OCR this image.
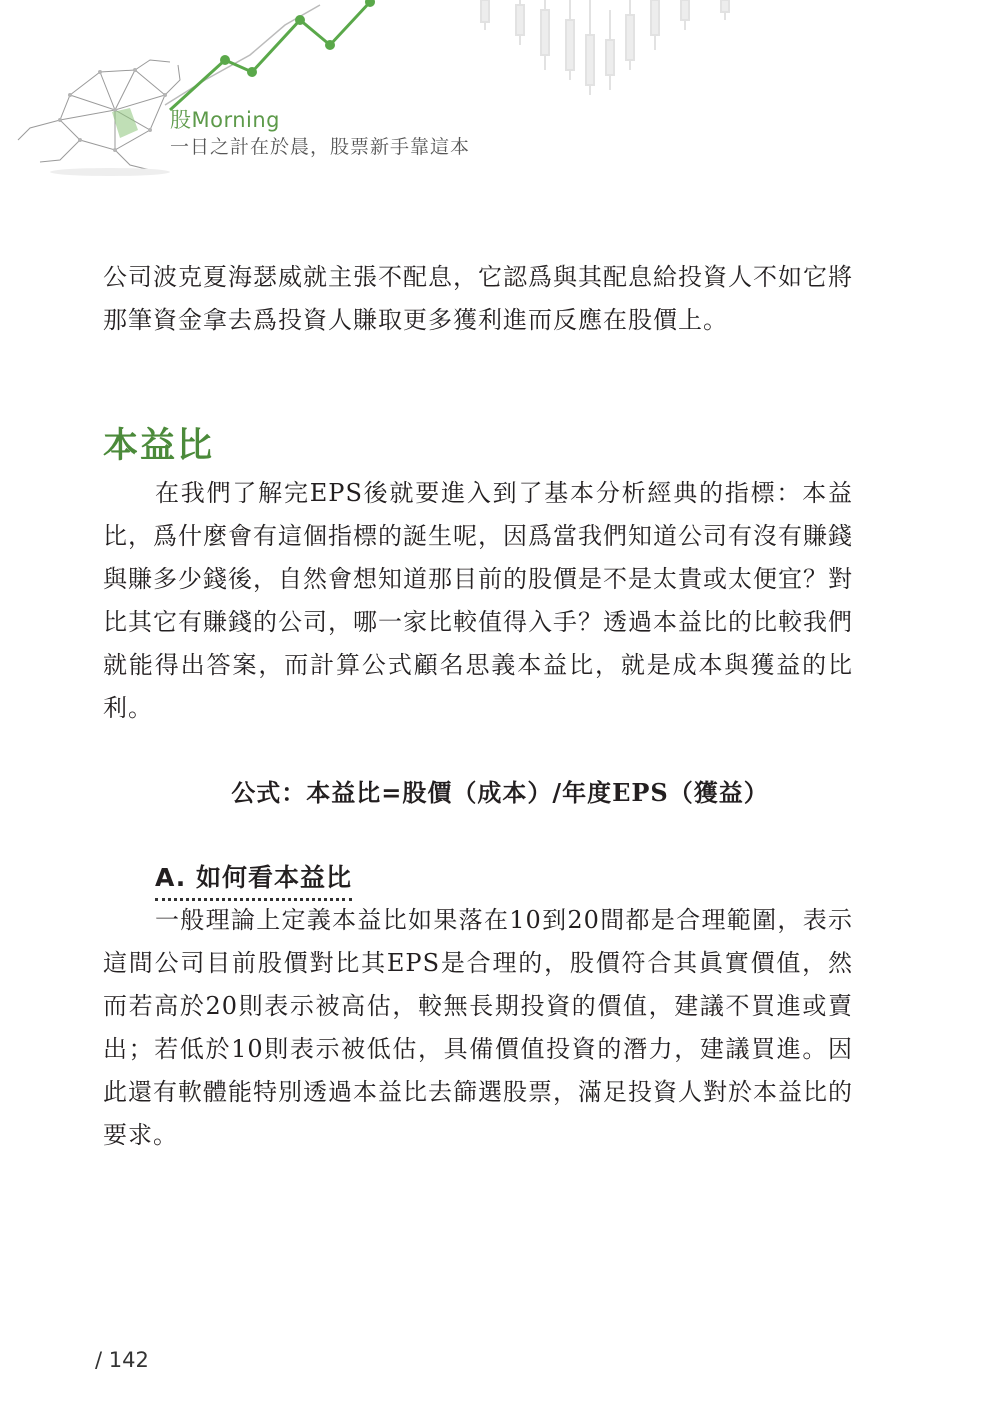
股Morning
一日之計在於晨，股票新手靠這本

公司波克夏海瑟威就主張不配息，它認爲與其配息給投資人不如它將那筆資金拿去爲投資人賺取更多獲利進而反應在股價上。

本益比

在我們了解完EPS後就要進入到了基本分析經典的指標：本益比，爲什麼會有這個指標的誕生呢，因爲當我們知道公司有沒有賺錢與賺多少錢後，自然會想知道那目前的股價是不是太貴或太便宜？對比其它有賺錢的公司，哪一家比較值得入手？透過本益比的比較我們就能得出答案，而計算公式顧名思義本益比，就是成本與獲益的比利。

公式：本益比=股價（成本）/年度EPS（獲益）

A. 如何看本益比

一般理論上定義本益比如果落在10到20間都是合理範圍，表示這間公司目前股價對比其EPS是合理的，股價符合其眞實價值，然而若高於20則表示被高估，較無長期投資的價值，建議不買進或賣出；若低於10則表示被低估，具備價值投資的潛力，建議買進。因此還有軟體能特別透過本益比去篩選股票，滿足投資人對於本益比的要求。

/ 142
